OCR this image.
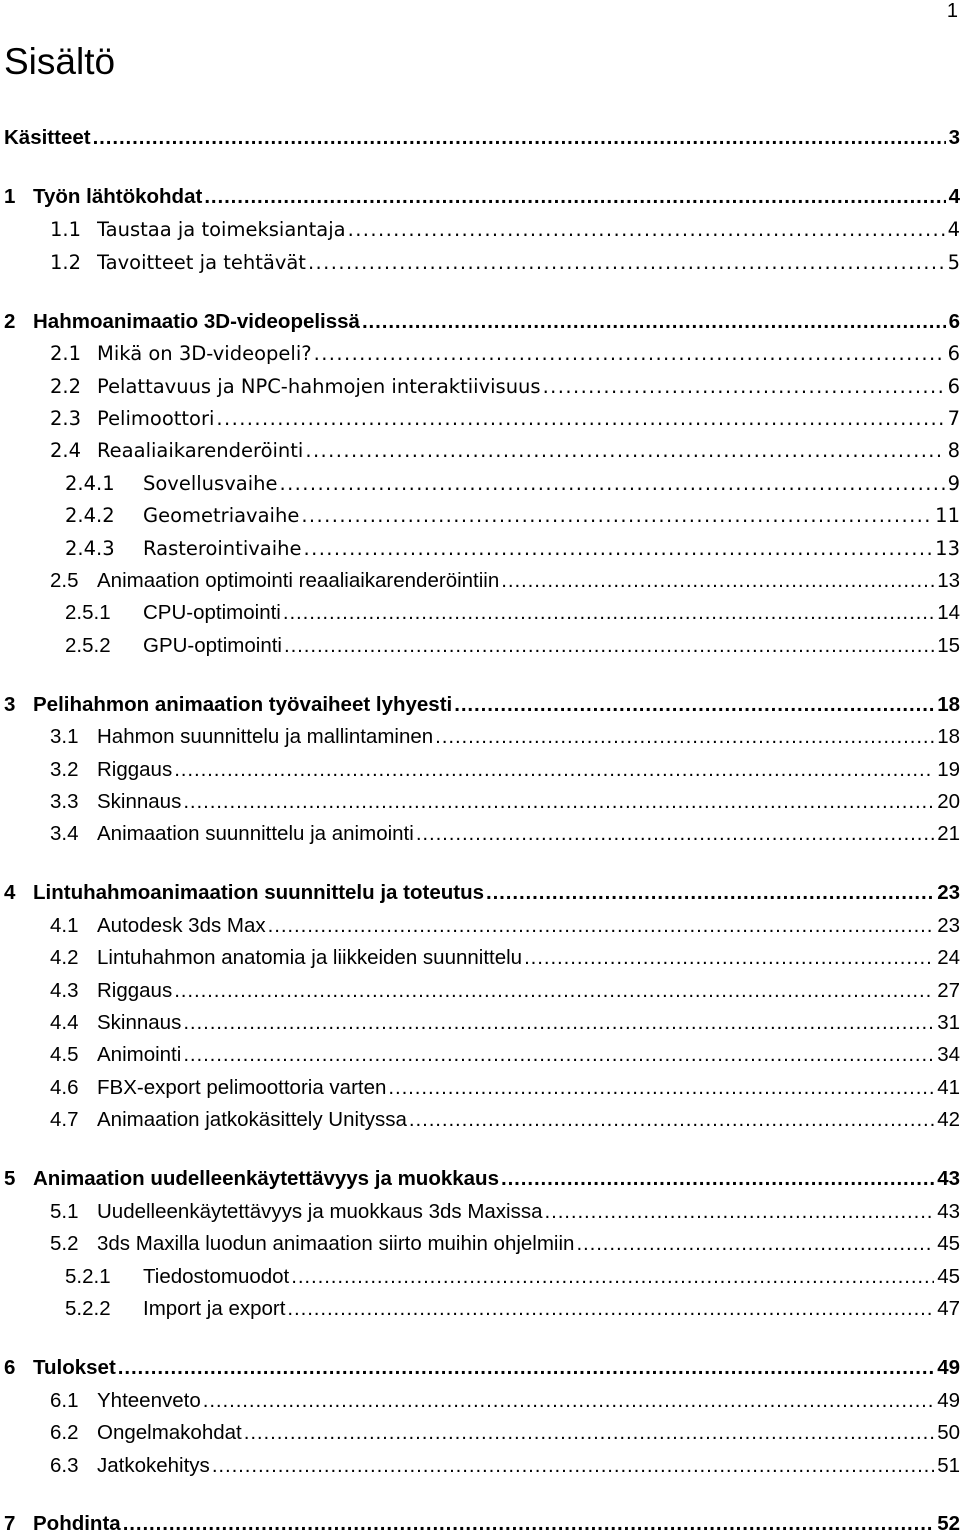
1
Sisältö
Käsitteet . . .	3
1 Työn lähtökohdat . . .	4
1.1 Taustaa ja toimeksiantaja . . .	4
1.2 Tavoitteet ja tehtävät . . .	5
2 Hahmoanimaatio 3D-videopelissä . . .	6
2.1 Mikä on 3D-videopeli? . . .	6
2.2 Pelattavuus ja NPC-hahmojen interaktiivisuus . . .	6
2.3 Pelimoottori . . .	7
2.4 Reaaliaikarenderöinti . . .	8
2.4.1 Sovellusvaihe . . .	9
2.4.2 Geometriavaihe . . .	11
2.4.3 Rasterointivaihe . . .	13
2.5 Animaation optimointi reaaliaikarenderöintiin . . .	13
2.5.1 CPU-optimointi . . .	14
2.5.2 GPU-optimointi . . .	15
3 Pelihahmon animaation työvaiheet lyhyesti . . .	18
3.1 Hahmon suunnittelu ja mallintaminen . . .	18
3.2 Riggaus . . .	19
3.3 Skinnaus . . .	20
3.4 Animaation suunnittelu ja animointi . . .	21
4 Lintuhahmoanimaation suunnittelu ja toteutus . . .	23
4.1 Autodesk 3ds Max . . .	23
4.2 Lintuhahmon anatomia ja liikkeiden suunnittelu . . .	24
4.3 Riggaus . . .	27
4.4 Skinnaus . . .	31
4.5 Animointi . . .	34
4.6 FBX-export pelimoottoria varten . . .	41
4.7 Animaation jatkokäsittely Unityssa . . .	42
5 Animaation uudelleenkäytettävyys ja muokkaus . . .	43
5.1 Uudelleenkäytettävyys ja muokkaus 3ds Maxissa . . .	43
5.2 3ds Maxilla luodun animaation siirto muihin ohjelmiin . . .	45
5.2.1 Tiedostomuodot . . .	45
5.2.2 Import ja export . . .	47
6 Tulokset . . .	49
6.1 Yhteenveto . . .	49
6.2 Ongelmakohdat . . .	50
6.3 Jatkokehitys . . .	51
7 Pohdinta . . .	52
